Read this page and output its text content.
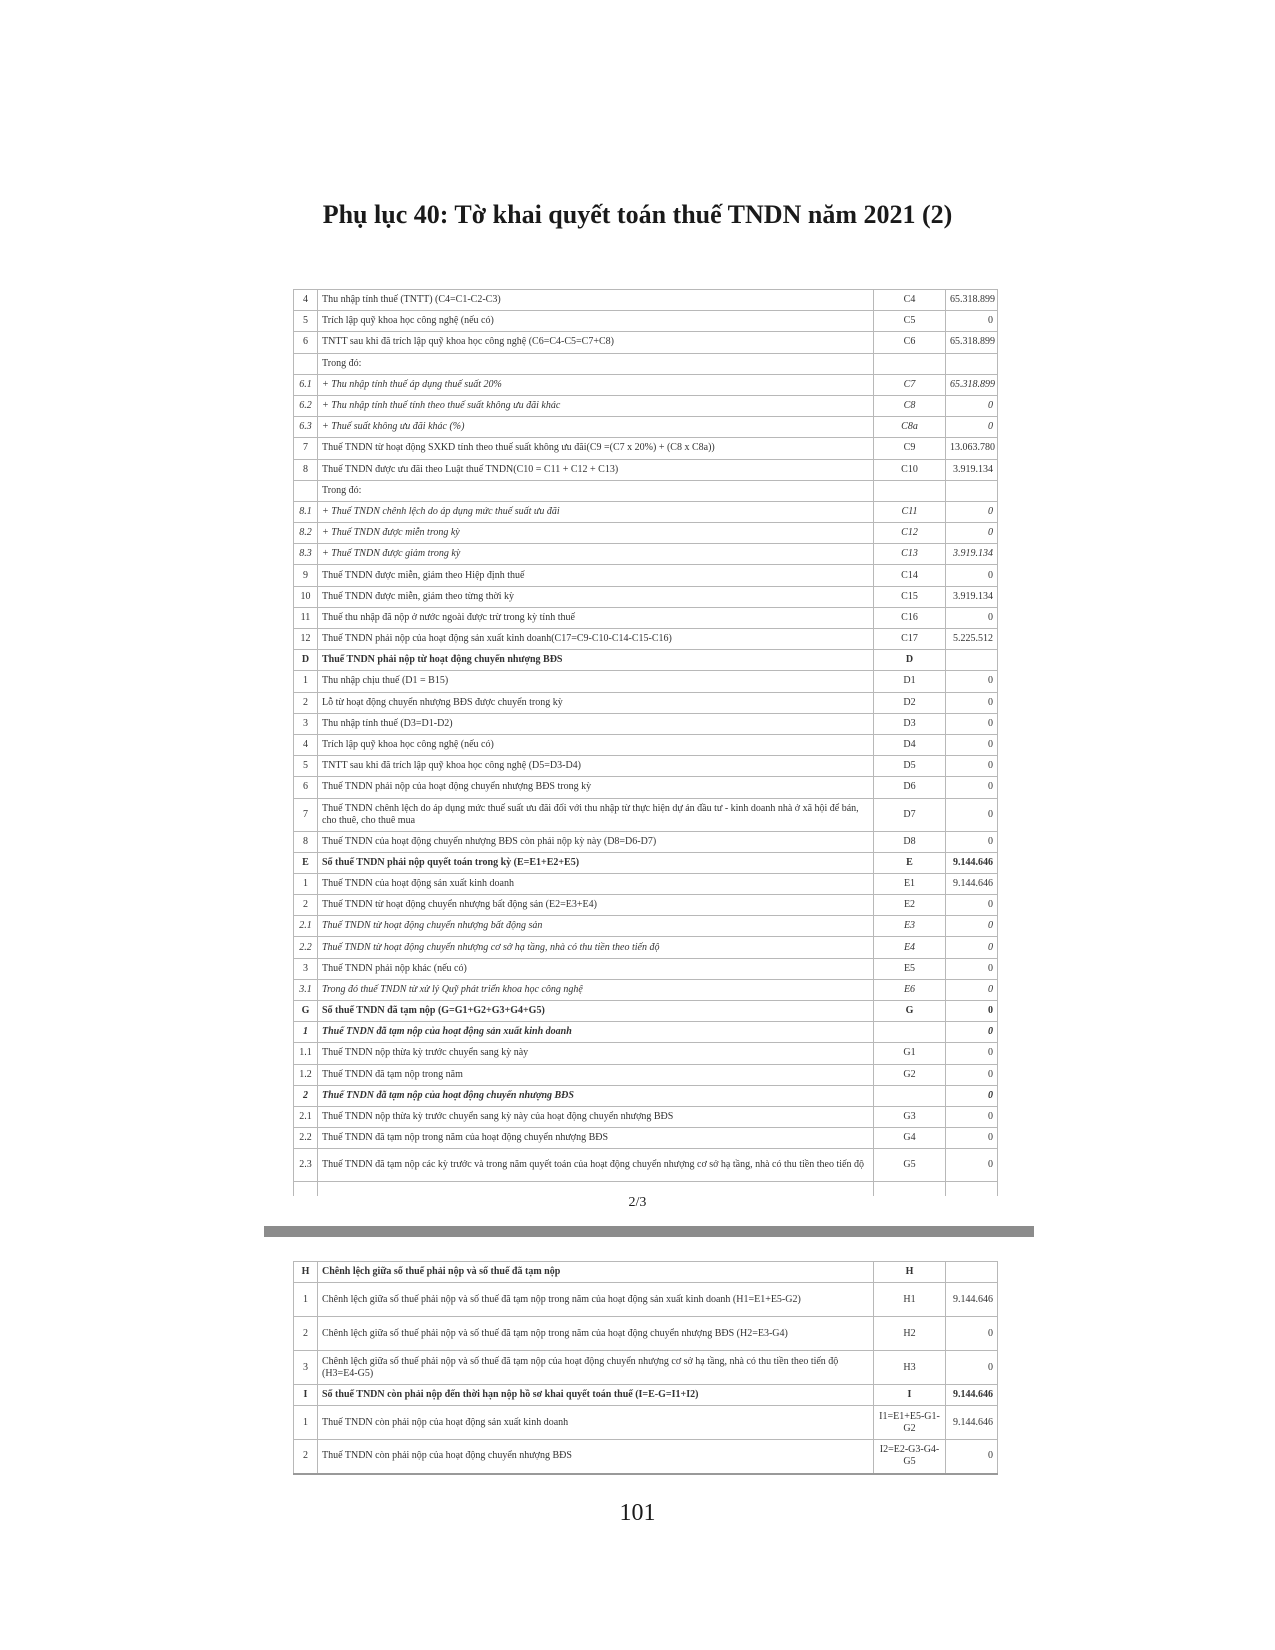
Phụ lục 40: Tờ khai quyết toán thuế TNDN năm 2021 (2)
4	Thu nhập tính thuế (TNTT) (C4=C1-C2-C3)	C4	65.318.899
5	Trích lập quỹ khoa học công nghệ (nếu có)	C5	0
6	TNTT sau khi đã trích lập quỹ khoa học công nghệ (C6=C4-C5=C7+C8)	C6	65.318.899
	Trong đó:		
6.1	+ Thu nhập tính thuế áp dụng thuế suất 20%	C7	65.318.899
6.2	+ Thu nhập tính thuế tính theo thuế suất không ưu đãi khác	C8	0
6.3	+ Thuế suất không ưu đãi khác (%)	C8a	0
7	Thuế TNDN từ hoạt động SXKD tính theo thuế suất không ưu đãi(C9 =(C7 x 20%) + (C8 x C8a))	C9	13.063.780
8	Thuế TNDN được ưu đãi theo Luật thuế TNDN(C10 = C11 + C12 + C13)	C10	3.919.134
	Trong đó:		
8.1	+ Thuế TNDN chênh lệch do áp dụng mức thuế suất ưu đãi	C11	0
8.2	+ Thuế TNDN được miễn trong kỳ	C12	0
8.3	+ Thuế TNDN được giảm trong kỳ	C13	3.919.134
9	Thuế TNDN được miễn, giảm theo Hiệp định thuế	C14	0
10	Thuế TNDN được miễn, giảm theo từng thời kỳ	C15	3.919.134
11	Thuế thu nhập đã nộp ở nước ngoài được trừ trong kỳ tính thuế	C16	0
12	Thuế TNDN phải nộp của hoạt động sản xuất kinh doanh(C17=C9-C10-C14-C15-C16)	C17	5.225.512
D	Thuế TNDN phải nộp từ hoạt động chuyển nhượng BĐS	D	
1	Thu nhập chịu thuế (D1 = B15)	D1	0
2	Lỗ từ hoạt động chuyển nhượng BĐS được chuyển trong kỳ	D2	0
3	Thu nhập tính thuế (D3=D1-D2)	D3	0
4	Trích lập quỹ khoa học công nghệ (nếu có)	D4	0
5	TNTT sau khi đã trích lập quỹ khoa học công nghệ (D5=D3-D4)	D5	0
6	Thuế TNDN phải nộp của hoạt động chuyển nhượng BĐS trong kỳ	D6	0
7	Thuế TNDN chênh lệch do áp dụng mức thuế suất ưu đãi đối với thu nhập từ thực hiện dự án đầu tư - kinh doanh nhà ở xã hội để bán, cho thuê, cho thuê mua	D7	0
8	Thuế TNDN của hoạt động chuyển nhượng BĐS còn phải nộp kỳ này (D8=D6-D7)	D8	0
E	Số thuế TNDN phải nộp quyết toán trong kỳ (E=E1+E2+E5)	E	9.144.646
1	Thuế TNDN của hoạt động sản xuất kinh doanh	E1	9.144.646
2	Thuế TNDN từ hoạt động chuyển nhượng bất động sản (E2=E3+E4)	E2	0
2.1	Thuế TNDN từ hoạt động chuyển nhượng bất động sản	E3	0
2.2	Thuế TNDN từ hoạt động chuyển nhượng cơ sở hạ tầng, nhà có thu tiền theo tiến độ	E4	0
3	Thuế TNDN phải nộp khác (nếu có)	E5	0
3.1	Trong đó thuế TNDN từ xử lý Quỹ phát triển khoa học công nghệ	E6	0
G	Số thuế TNDN đã tạm nộp (G=G1+G2+G3+G4+G5)	G	0
1	Thuế TNDN đã tạm nộp của hoạt động sản xuất kinh doanh		0
1.1	Thuế TNDN nộp thừa kỳ trước chuyển sang kỳ này	G1	0
1.2	Thuế TNDN đã tạm nộp trong năm	G2	0
2	Thuế TNDN đã tạm nộp của hoạt động chuyển nhượng BĐS		0
2.1	Thuế TNDN nộp thừa kỳ trước chuyển sang kỳ này của hoạt động chuyển nhượng BĐS	G3	0
2.2	Thuế TNDN đã tạm nộp trong năm của hoạt động chuyển nhượng BĐS	G4	0
2.3	Thuế TNDN đã tạm nộp các kỳ trước và trong năm quyết toán của hoạt động chuyển nhượng cơ sở hạ tầng, nhà có thu tiền theo tiến độ	G5	0

2/3
H	Chênh lệch giữa số thuế phải nộp và số thuế đã tạm nộp	H	
1	Chênh lệch giữa số thuế phải nộp và số thuế đã tạm nộp trong năm của hoạt động sản xuất kinh doanh (H1=E1+E5-G2)	H1	9.144.646
2	Chênh lệch giữa số thuế phải nộp và số thuế đã tạm nộp trong năm của hoạt động chuyển nhượng BĐS (H2=E3-G4)	H2	0
3	Chênh lệch giữa số thuế phải nộp và số thuế đã tạm nộp của hoạt động chuyển nhượng cơ sở hạ tầng, nhà có thu tiền theo tiến độ (H3=E4-G5)	H3	0
I	Số thuế TNDN còn phải nộp đến thời hạn nộp hồ sơ khai quyết toán thuế (I=E-G=I1+I2)	I	9.144.646
1	Thuế TNDN còn phải nộp của hoạt động sản xuất kinh doanh	I1=E1+E5-G1-G2	9.144.646
2	Thuế TNDN còn phải nộp của hoạt động chuyển nhượng BĐS	I2=E2-G3-G4-G5	0
101
